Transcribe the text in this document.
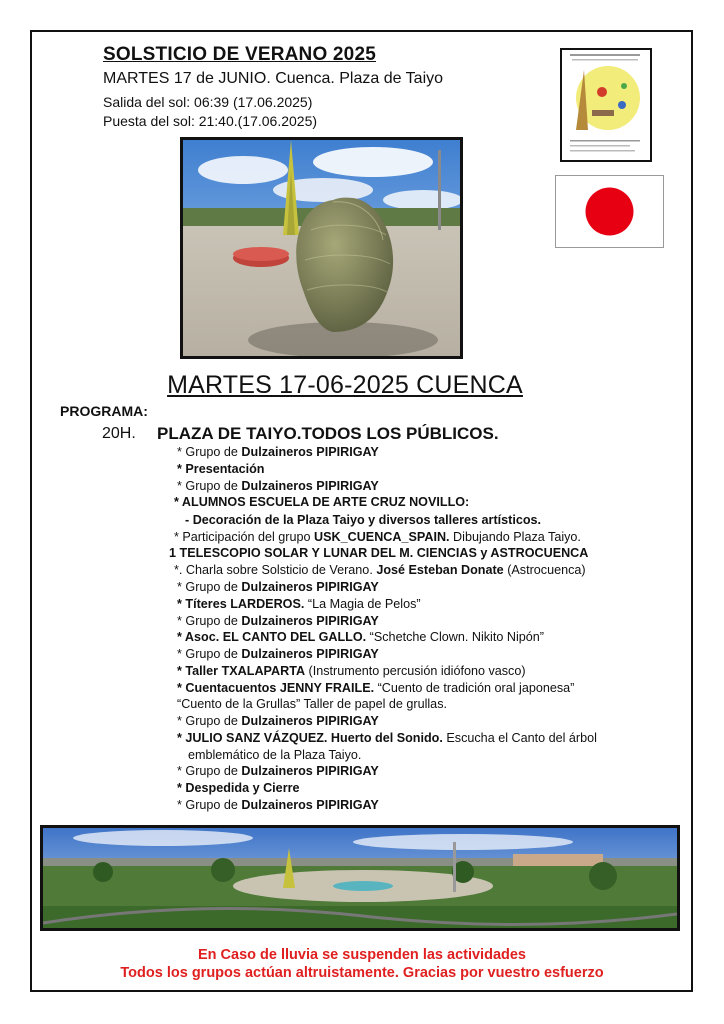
SOLSTICIO DE VERANO 2025
MARTES 17 de JUNIO. Cuenca. Plaza de Taiyo
Salida del sol: 06:39 (17.06.2025)
Puesta del sol: 21:40.(17.06.2025)
MARTES 17-06-2025 CUENCA
PROGRAMA:
20H. PLAZA DE TAIYO.TODOS LOS PÚBLICOS.
* Grupo de Dulzaineros PIPIRIGAY
* Presentación
* Grupo de Dulzaineros PIPIRIGAY
* ALUMNOS ESCUELA DE ARTE CRUZ NOVILLO:
- Decoración de la Plaza Taiyo y diversos talleres artísticos.
* Participación del grupo USK_CUENCA_SPAIN. Dibujando Plaza Taiyo.
1 TELESCOPIO SOLAR Y LUNAR DEL M. CIENCIAS y ASTROCUENCA
*. Charla sobre Solsticio de Verano. José Esteban Donate (Astrocuenca)
* Grupo de Dulzaineros PIPIRIGAY
* Títeres LARDEROS. “La Magia de Pelos”
* Grupo de Dulzaineros PIPIRIGAY
* Asoc. EL CANTO DEL GALLO. “Schetche Clown. Nikito Nipón”
* Grupo de Dulzaineros PIPIRIGAY
* Taller TXALAPARTA (Instrumento percusión idiófono vasco)
* Cuentacuentos JENNY FRAILE. “Cuento de tradición oral japonesa”
“Cuento de la Grullas” Taller de papel de grullas.
* Grupo de Dulzaineros PIPIRIGAY
* JULIO SANZ VÁZQUEZ. Huerto del Sonido. Escucha el Canto del árbol
emblemático de la Plaza Taiyo.
* Grupo de Dulzaineros PIPIRIGAY
* Despedida y Cierre
* Grupo de Dulzaineros PIPIRIGAY
En Caso de lluvia se suspenden las actividades
Todos los grupos actúan altruistamente. Gracias por vuestro esfuerzo
